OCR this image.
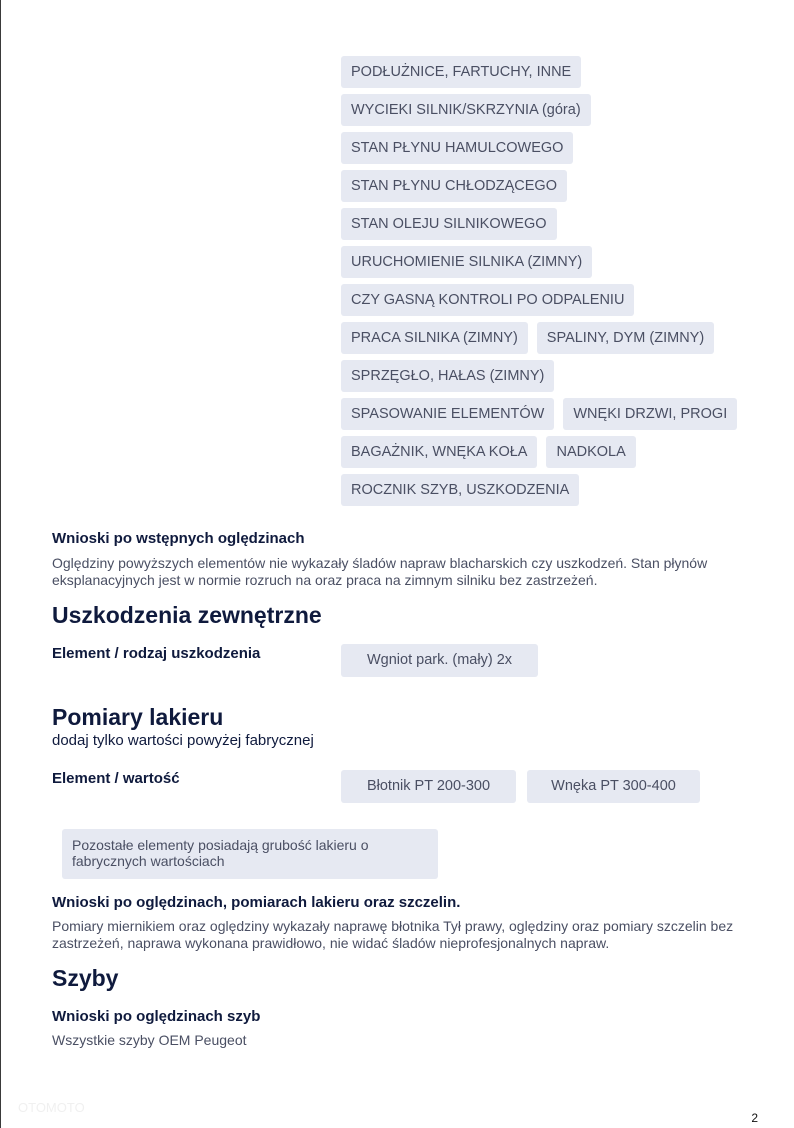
PODŁUŻNICE, FARTUCHY, INNE
WYCIEKI SILNIK/SKRZYNIA (góra)
STAN PŁYNU HAMULCOWEGO
STAN PŁYNU CHŁODZĄCEGO
STAN OLEJU SILNIKOWEGO
URUCHOMIENIE SILNIKA (ZIMNY)
CZY GASNĄ KONTROLI PO ODPALENIU
PRACA SILNIKA (ZIMNY)	SPALINY, DYM (ZIMNY)
SPRZĘGŁO, HAŁAS (ZIMNY)
SPASOWANIE ELEMENTÓW	WNĘKI DRZWI, PROGI
BAGAŻNIK, WNĘKA KOŁA	NADKOLA
ROCZNIK SZYB, USZKODZENIA
Wnioski po wstępnych oględzinach
Oględziny powyższych elementów nie wykazały śladów napraw blacharskich czy uszkodzeń. Stan płynów eksplanacyjnych jest w normie rozruch na oraz praca na zimnym silniku bez zastrzeżeń.
Uszkodzenia zewnętrzne
Element / rodzaj uszkodzenia	Wgniot park. (mały) 2x
Pomiary lakieru
dodaj tylko wartości powyżej fabrycznej
Element / wartość	Błotnik PT 200-300	Wnęka PT 300-400
Pozostałe elementy posiadają grubość lakieru o fabrycznych wartościach
Wnioski po oględzinach, pomiarach lakieru oraz szczelin.
Pomiary miernikiem oraz oględziny wykazały naprawę błotnika Tył prawy, oględziny oraz pomiary szczelin bez zastrzeżeń, naprawa wykonana prawidłowo, nie widać śladów nieprofesjonalnych napraw.
Szyby
Wnioski po oględzinach szyb
Wszystkie szyby OEM Peugeot
OTOMOTO
2
